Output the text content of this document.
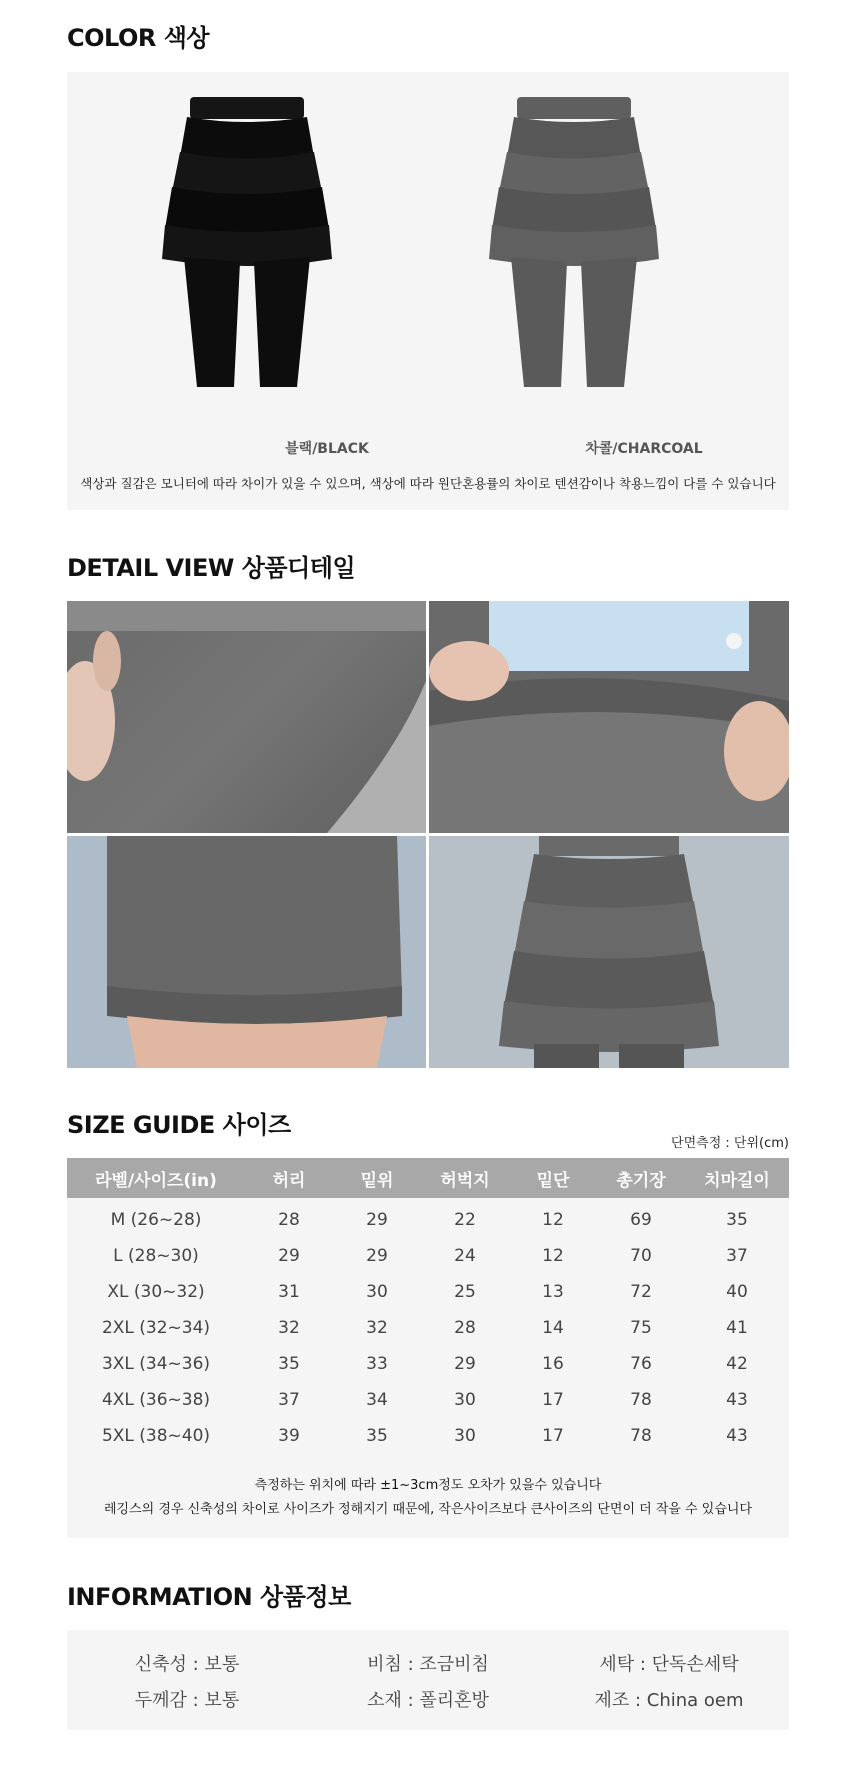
COLOR 색상
블랙/BLACK	차콜/CHARCOAL
색상과 질감은 모니터에 따라 차이가 있을 수 있으며, 색상에 따라 원단혼용률의 차이로 텐션감이나 착용느낌이 다를 수 있습니다
DETAIL VIEW 상품디테일
SIZE GUIDE 사이즈
단면측정 : 단위(cm)
라벨/사이즈(in)	허리	밑위	허벅지	밑단	총기장	치마길이

M (26~28)	28	29	22	12	69	35
L (28~30)	29	29	24	12	70	37
XL (30~32)	31	30	25	13	72	40
2XL (32~34)	32	32	28	14	75	41
3XL (34~36)	35	33	29	16	76	42
4XL (36~38)	37	34	30	17	78	43
5XL (38~40)	39	35	30	17	78	43
측정하는 위치에 따라 ±1~3cm정도 오차가 있을수 있습니다
레깅스의 경우 신축성의 차이로 사이즈가 정해지기 때문에, 작은사이즈보다 큰사이즈의 단면이 더 작을 수 있습니다
INFORMATION 상품정보
신축성 : 보통	비침 : 조금비침	세탁 : 단독손세탁
두께감 : 보통	소재 : 폴리혼방	제조 : China oem
